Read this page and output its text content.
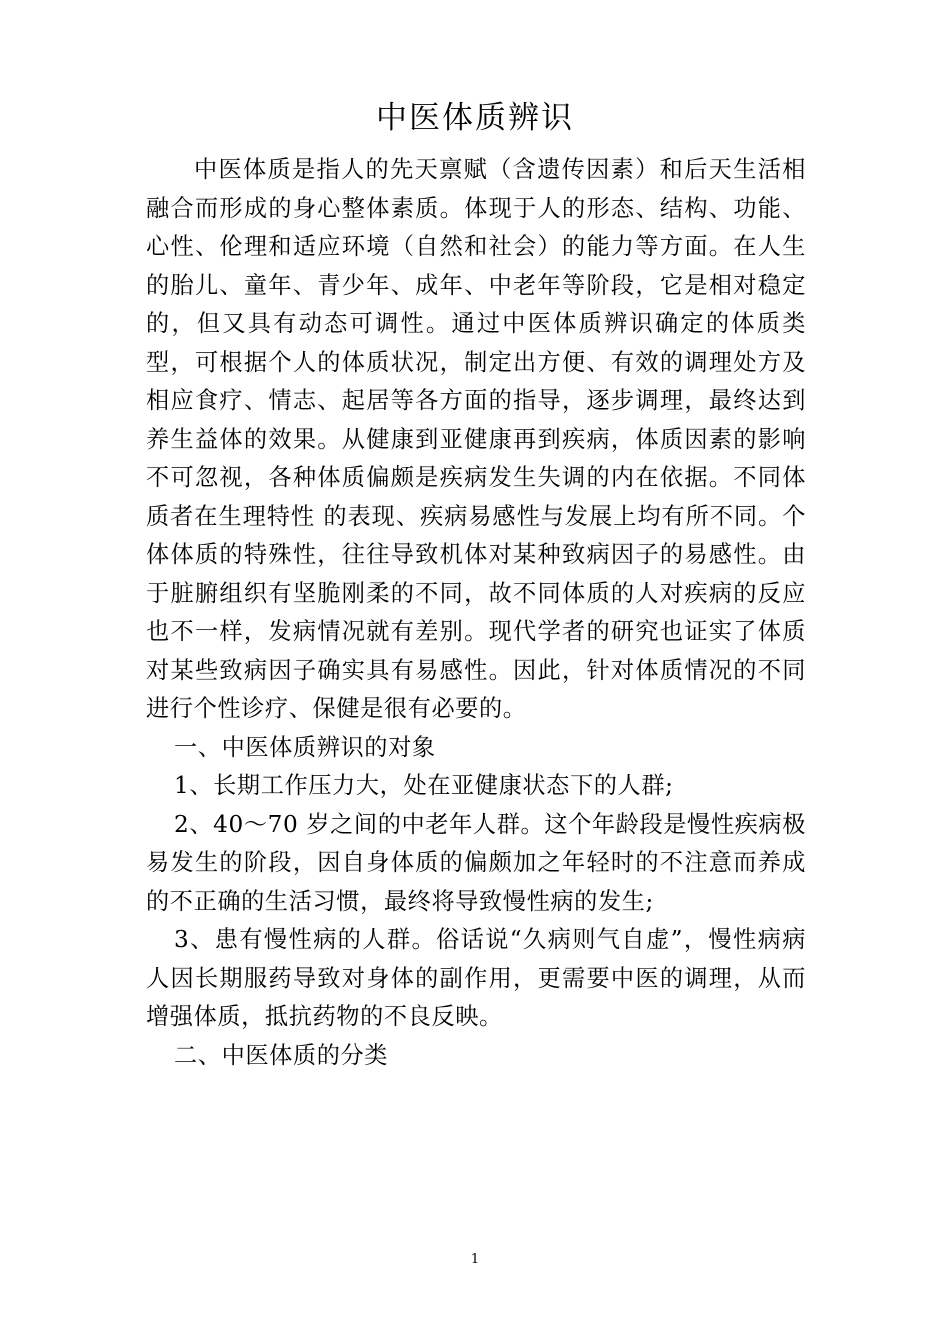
中医体质辨识

中医体质是指人的先天禀赋（含遗传因素）和后天生活相融合而形成的身心整体素质。体现于人的形态、结构、功能、心性、伦理和适应环境（自然和社会）的能力等方面。在人生的胎儿、童年、青少年、成年、中老年等阶段，它是相对稳定的，但又具有动态可调性。通过中医体质辨识确定的体质类型，可根据个人的体质状况，制定出方便、有效的调理处方及相应食疗、情志、起居等各方面的指导，逐步调理，最终达到养生益体的效果。从健康到亚健康再到疾病，体质因素的影响不可忽视，各种体质偏颇是疾病发生失调的内在依据。不同体质者在生理特性 的表现、疾病易感性与发展上均有所不同。个体体质的特殊性，往往导致机体对某种致病因子的易感性。由于脏腑组织有坚脆刚柔的不同，故不同体质的人对疾病的反应也不一样，发病情况就有差别。现代学者的研究也证实了体质对某些致病因子确实具有易感性。因此，针对体质情况的不同进行个性诊疗、保健是很有必要的。

一、中医体质辨识的对象

1、长期工作压力大，处在亚健康状态下的人群;

2、40～70 岁之间的中老年人群。这个年龄段是慢性疾病极易发生的阶段，因自身体质的偏颇加之年轻时的不注意而养成的不正确的生活习惯，最终将导致慢性病的发生;

3、患有慢性病的人群。俗话说“久病则气自虚”，慢性病病人因长期服药导致对身体的副作用，更需要中医的调理，从而增强体质，抵抗药物的不良反映。

二、中医体质的分类

1
